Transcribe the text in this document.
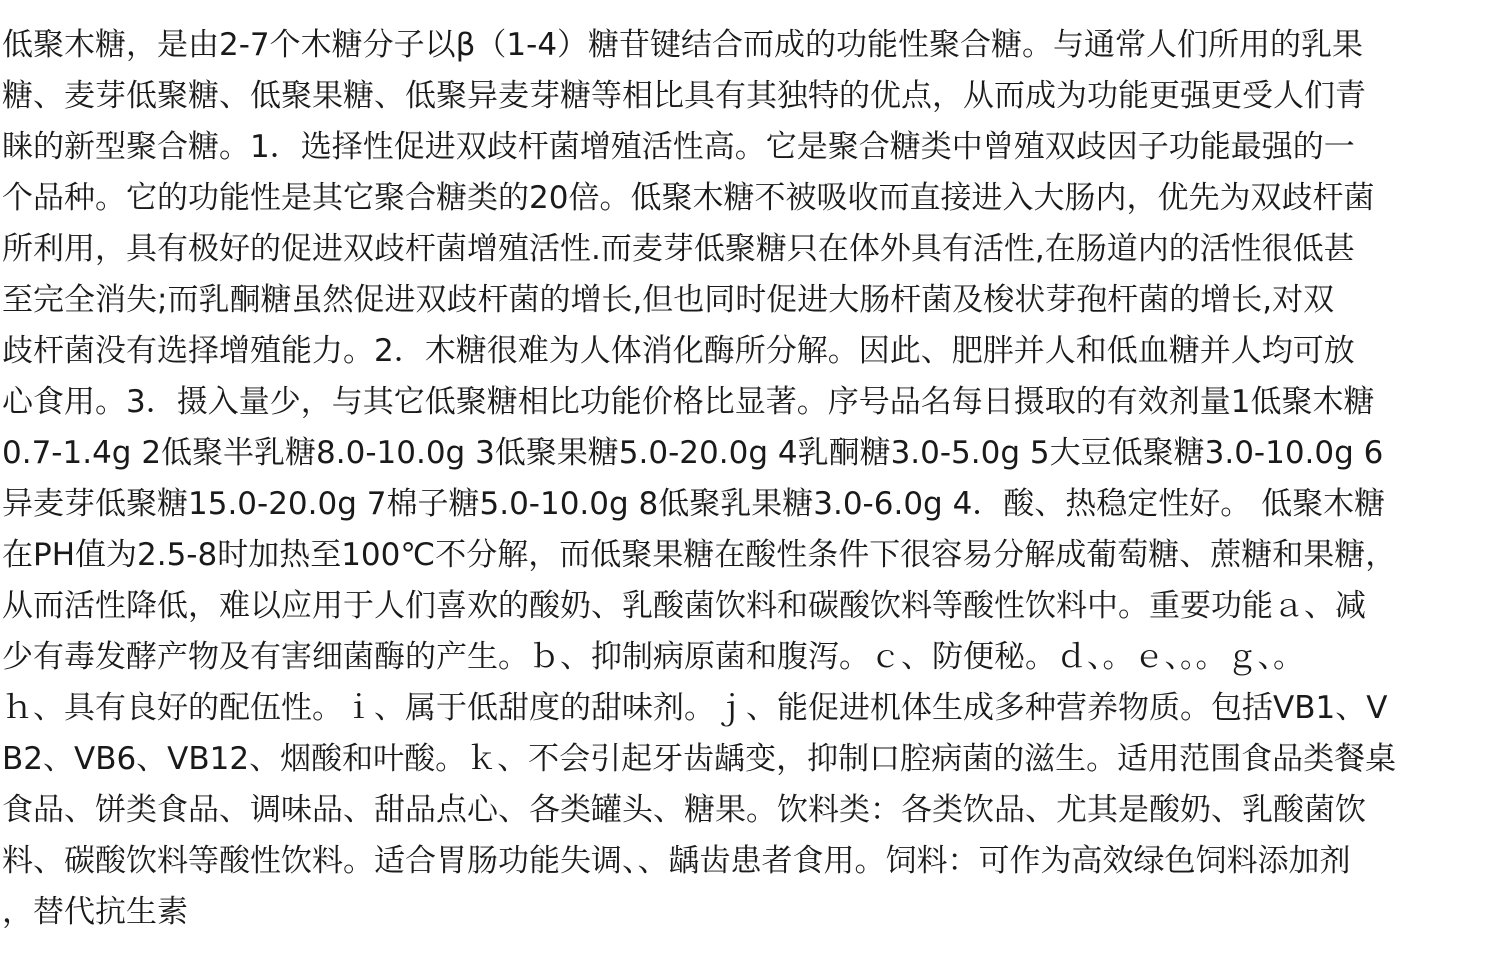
低聚木糖，是由2-7个木糖分子以β（1-4）糖苷键结合而成的功能性聚合糖。与通常人们所用的乳果
糖、麦芽低聚糖、低聚果糖、低聚异麦芽糖等相比具有其独特的优点，从而成为功能更强更受人们青
睐的新型聚合糖。1．选择性促进双歧杆菌增殖活性高。它是聚合糖类中曾殖双歧因子功能最强的一
个品种。它的功能性是其它聚合糖类的20倍。低聚木糖不被吸收而直接进入大肠内，优先为双歧杆菌
所利用，具有极好的促进双歧杆菌增殖活性.而麦芽低聚糖只在体外具有活性,在肠道内的活性很低甚
至完全消失;而乳酮糖虽然促进双歧杆菌的增长,但也同时促进大肠杆菌及梭状芽孢杆菌的增长,对双
歧杆菌没有选择增殖能力。2．木糖很难为人体消化酶所分解。因此、肥胖并人和低血糖并人均可放
心食用。3．摄入量少，与其它低聚糖相比功能价格比显著。序号品名每日摄取的有效剂量1低聚木糖
0.7-1.4g 2低聚半乳糖8.0-10.0g 3低聚果糖5.0-20.0g 4乳酮糖3.0-5.0g 5大豆低聚糖3.0-10.0g 6
异麦芽低聚糖15.0-20.0g 7棉子糖5.0-10.0g 8低聚乳果糖3.0-6.0g 4．酸、热稳定性好。 低聚木糖
在PH值为2.5-8时加热至100℃不分解，而低聚果糖在酸性条件下很容易分解成葡萄糖、蔗糖和果糖，
从而活性降低，难以应用于人们喜欢的酸奶、乳酸菌饮料和碳酸饮料等酸性饮料中。重要功能ａ、减
少有毒发酵产物及有害细菌酶的产生。ｂ、抑制病原菌和腹泻。ｃ、防便秘。ｄ、。ｅ、。。ｇ、。
ｈ、具有良好的配伍性。ｉ、属于低甜度的甜味剂。ｊ、能促进机体生成多种营养物质。包括VB1、V
B2、VB6、VB12、烟酸和叶酸。ｋ、不会引起牙齿龋变，抑制口腔病菌的滋生。适用范围食品类餐桌
食品、饼类食品、调味品、甜品点心、各类罐头、糖果。饮料类：各类饮品、尤其是酸奶、乳酸菌饮
料、碳酸饮料等酸性饮料。适合胃肠功能失调、、龋齿患者食用。饲料：可作为高效绿色饲料添加剂
，替代抗生素
